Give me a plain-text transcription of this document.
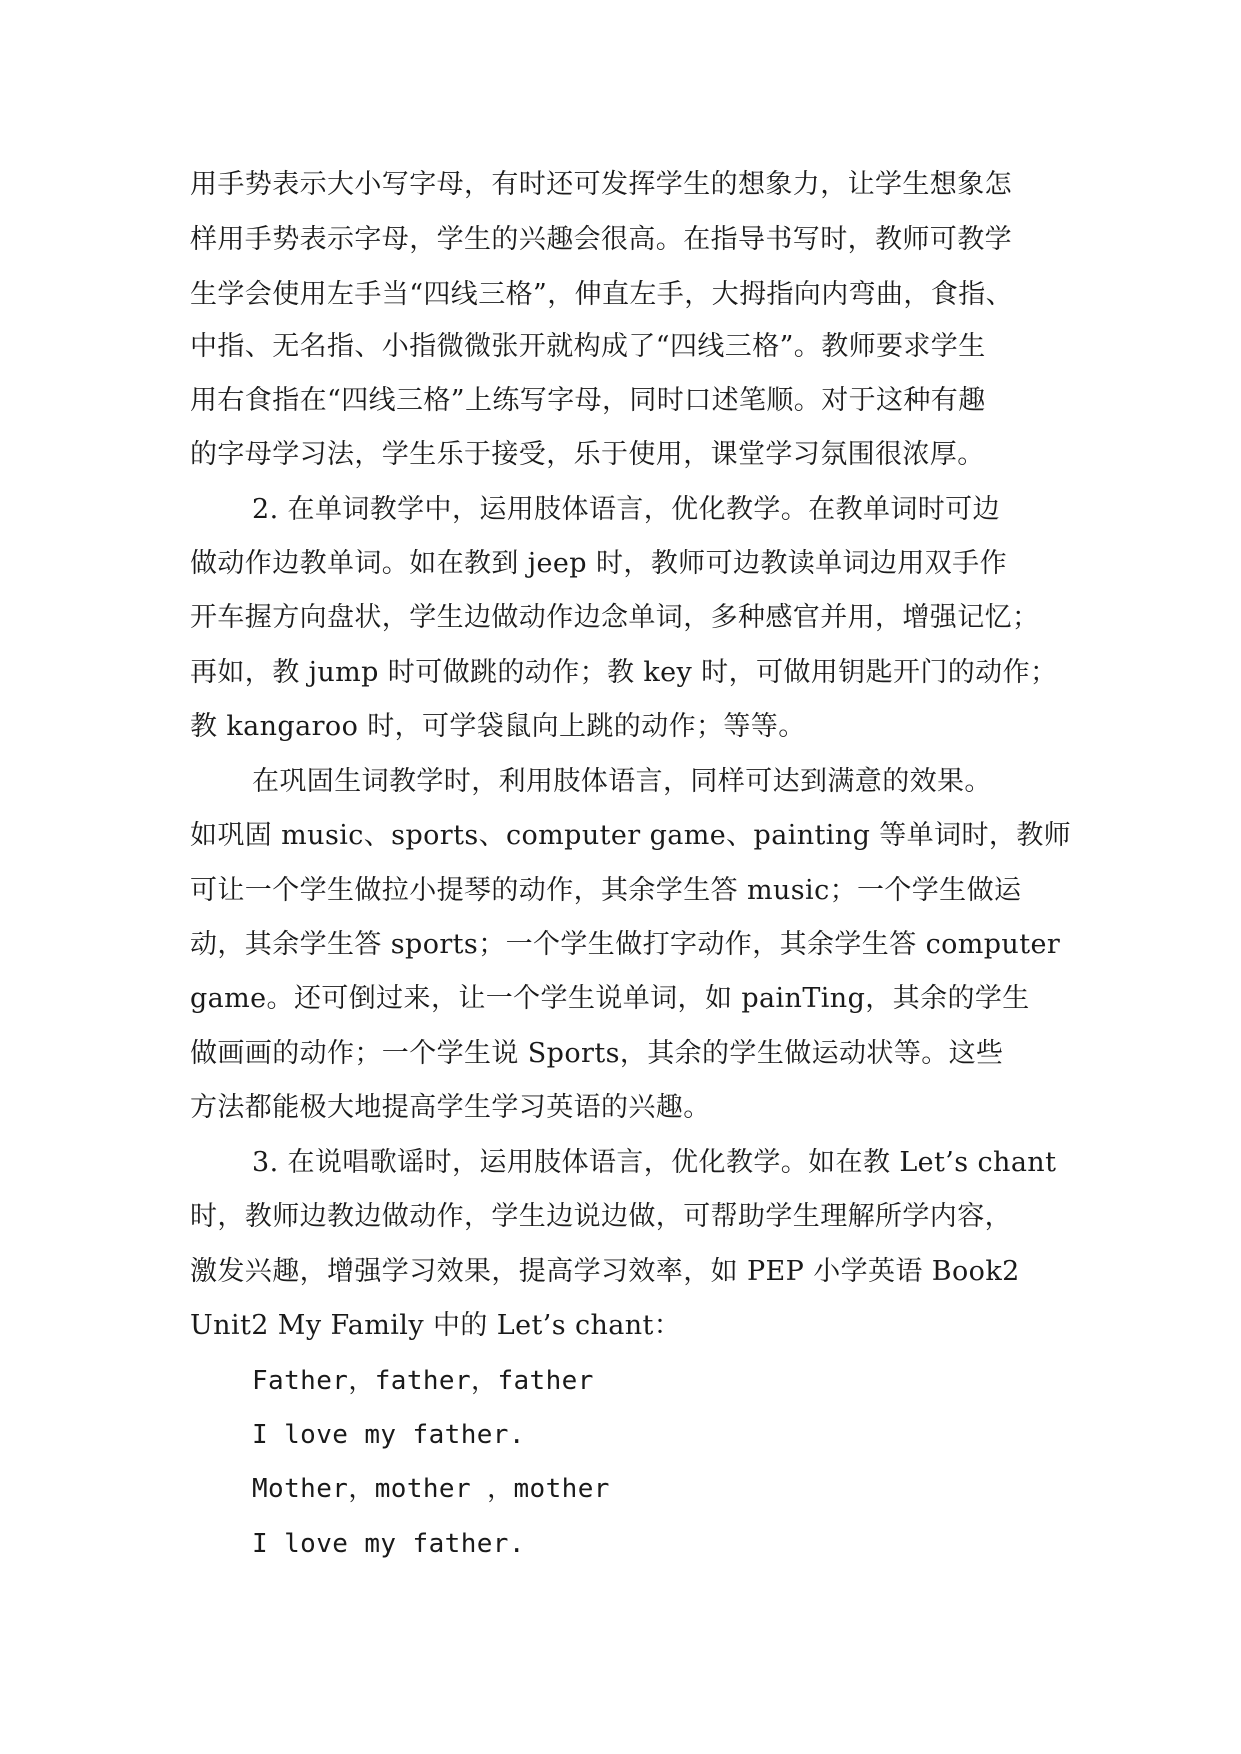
用手势表示大小写字母，有时还可发挥学生的想象力，让学生想象怎

样用手势表示字母，学生的兴趣会很高。在指导书写时，教师可教学

生学会使用左手当“四线三格”，伸直左手，大拇指向内弯曲，食指、

中指、无名指、小指微微张开就构成了“四线三格”。教师要求学生

用右食指在“四线三格”上练写字母，同时口述笔顺。对于这种有趣

的字母学习法，学生乐于接受，乐于使用，课堂学习氛围很浓厚。

2. 在单词教学中，运用肢体语言，优化教学。在教单词时可边

做动作边教单词。如在教到 jeep 时，教师可边教读单词边用双手作

开车握方向盘状，学生边做动作边念单词，多种感官并用，增强记忆；

再如，教 jump 时可做跳的动作；教 key 时，可做用钥匙开门的动作；

教 kangaroo 时，可学袋鼠向上跳的动作；等等。

在巩固生词教学时，利用肢体语言，同样可达到满意的效果。

如巩固 music、sports、computer game、painting 等单词时，教师

可让一个学生做拉小提琴的动作，其余学生答 music；一个学生做运

动，其余学生答 sports；一个学生做打字动作，其余学生答 computer

game。还可倒过来，让一个学生说单词，如 painTing，其余的学生

做画画的动作；一个学生说 Sports，其余的学生做运动状等。这些

方法都能极大地提高学生学习英语的兴趣。

3. 在说唱歌谣时，运用肢体语言，优化教学。如在教 Let’s chant

时，教师边教边做动作，学生边说边做，可帮助学生理解所学内容，

激发兴趣，增强学习效果，提高学习效率，如 PEP 小学英语 Book2

Unit2 My Family 中的 Let’s chant：

Father，father，father

I love my father.

Mother，mother ，mother

I love my father.
